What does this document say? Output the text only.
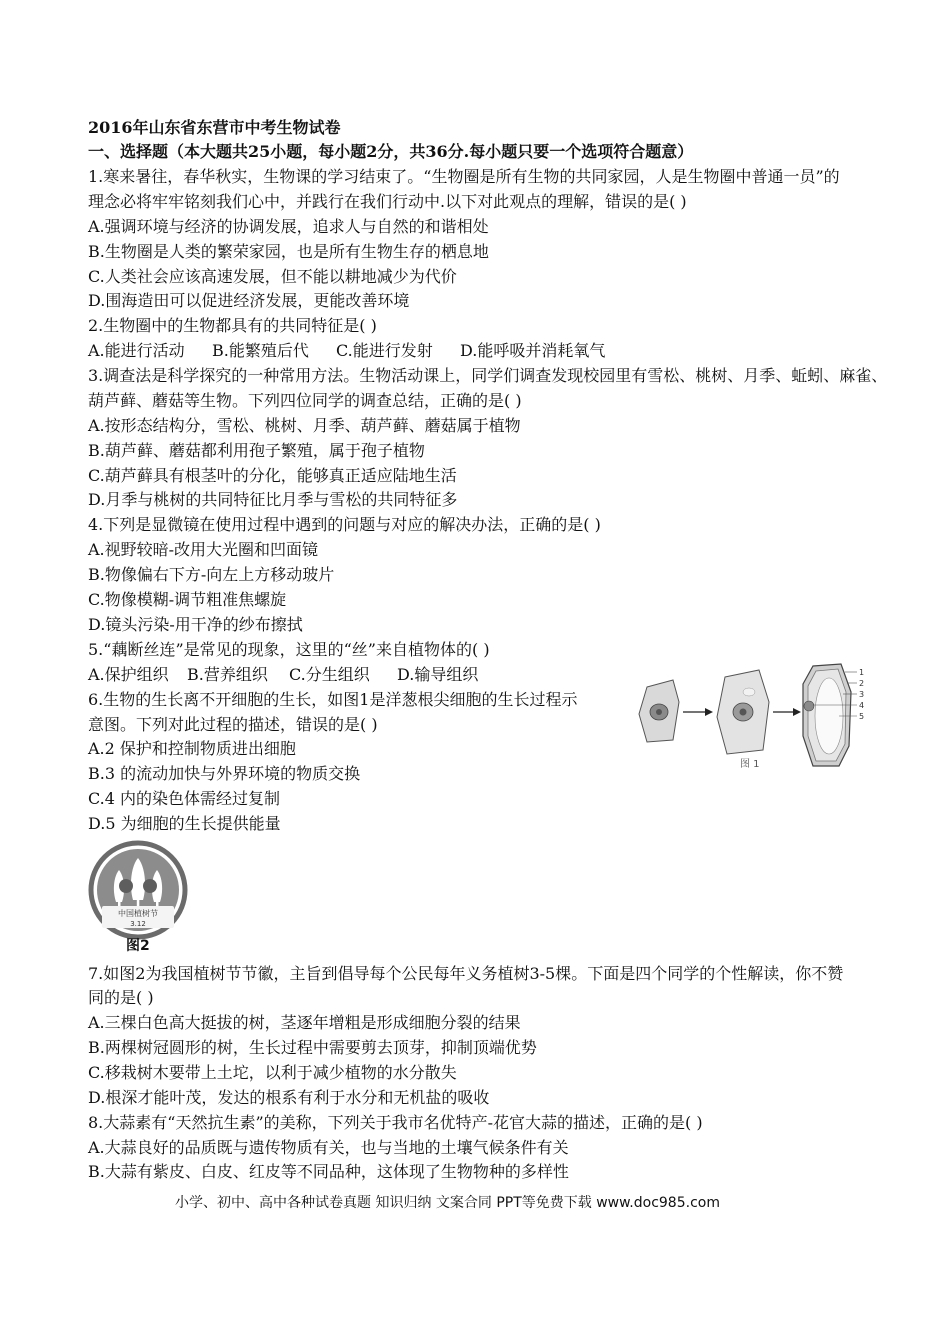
2016年山东省东营市中考生物试卷
一、选择题（本大题共25小题，每小题2分，共36分.每小题只要一个选项符合题意）
1.寒来暑往，春华秋实，生物课的学习结束了。“生物圈是所有生物的共同家园，人是生物圈中普通一员”的
理念必将牢牢铭刻我们心中，并践行在我们行动中.以下对此观点的理解，错误的是( )
A.强调环境与经济的协调发展，追求人与自然的和谐相处
B.生物圈是人类的繁荣家园，也是所有生物生存的栖息地
C.人类社会应该高速发展，但不能以耕地减少为代价
D.围海造田可以促进经济发展，更能改善环境
2.生物圈中的生物都具有的共同特征是( )
A.能进行活动 B.能繁殖后代 C.能进行发射 D.能呼吸并消耗氧气
3.调查法是科学探究的一种常用方法。生物活动课上，同学们调查发现校园里有雪松、桃树、月季、蚯蚓、麻雀、
葫芦藓、蘑菇等生物。下列四位同学的调查总结，正确的是( )
A.按形态结构分，雪松、桃树、月季、葫芦藓、蘑菇属于植物
B.葫芦藓、蘑菇都利用孢子繁殖，属于孢子植物
C.葫芦藓具有根茎叶的分化，能够真正适应陆地生活
D.月季与桃树的共同特征比月季与雪松的共同特征多
4.下列是显微镜在使用过程中遇到的问题与对应的解决办法，正确的是( )
A.视野较暗-改用大光圈和凹面镜
B.物像偏右下方-向左上方移动玻片
C.物像模糊-调节粗准焦螺旋
D.镜头污染-用干净的纱布擦拭
5.“藕断丝连”是常见的现象，这里的“丝”来自植物体的( )
A.保护组织 B.营养组织 C.分生组织 D.输导组织
6.生物的生长离不开细胞的生长，如图1是洋葱根尖细胞的生长过程示
意图。下列对此过程的描述，错误的是( )
A.2 保护和控制物质进出细胞
B.3 的流动加快与外界环境的物质交换
C.4 内的染色体需经过复制
D.5 为细胞的生长提供能量
1
2
3
4
5
图 1
中国植树节
3.12
图2
7.如图2为我国植树节节徽，主旨到倡导每个公民每年义务植树3-5棵。下面是四个同学的个性解读，你不赞
同的是( )
A.三棵白色高大挺拔的树，茎逐年增粗是形成细胞分裂的结果
B.两棵树冠圆形的树，生长过程中需要剪去顶芽，抑制顶端优势
C.移栽树木要带上土坨，以利于减少植物的水分散失
D.根深才能叶茂，发达的根系有利于水分和无机盐的吸收
8.大蒜素有“天然抗生素”的美称，下列关于我市名优特产-花官大蒜的描述，正确的是( )
A.大蒜良好的品质既与遗传物质有关，也与当地的土壤气候条件有关
B.大蒜有紫皮、白皮、红皮等不同品种，这体现了生物物种的多样性
小学、初中、高中各种试卷真题 知识归纳 文案合同 PPT等免费下载 www.doc985.com
